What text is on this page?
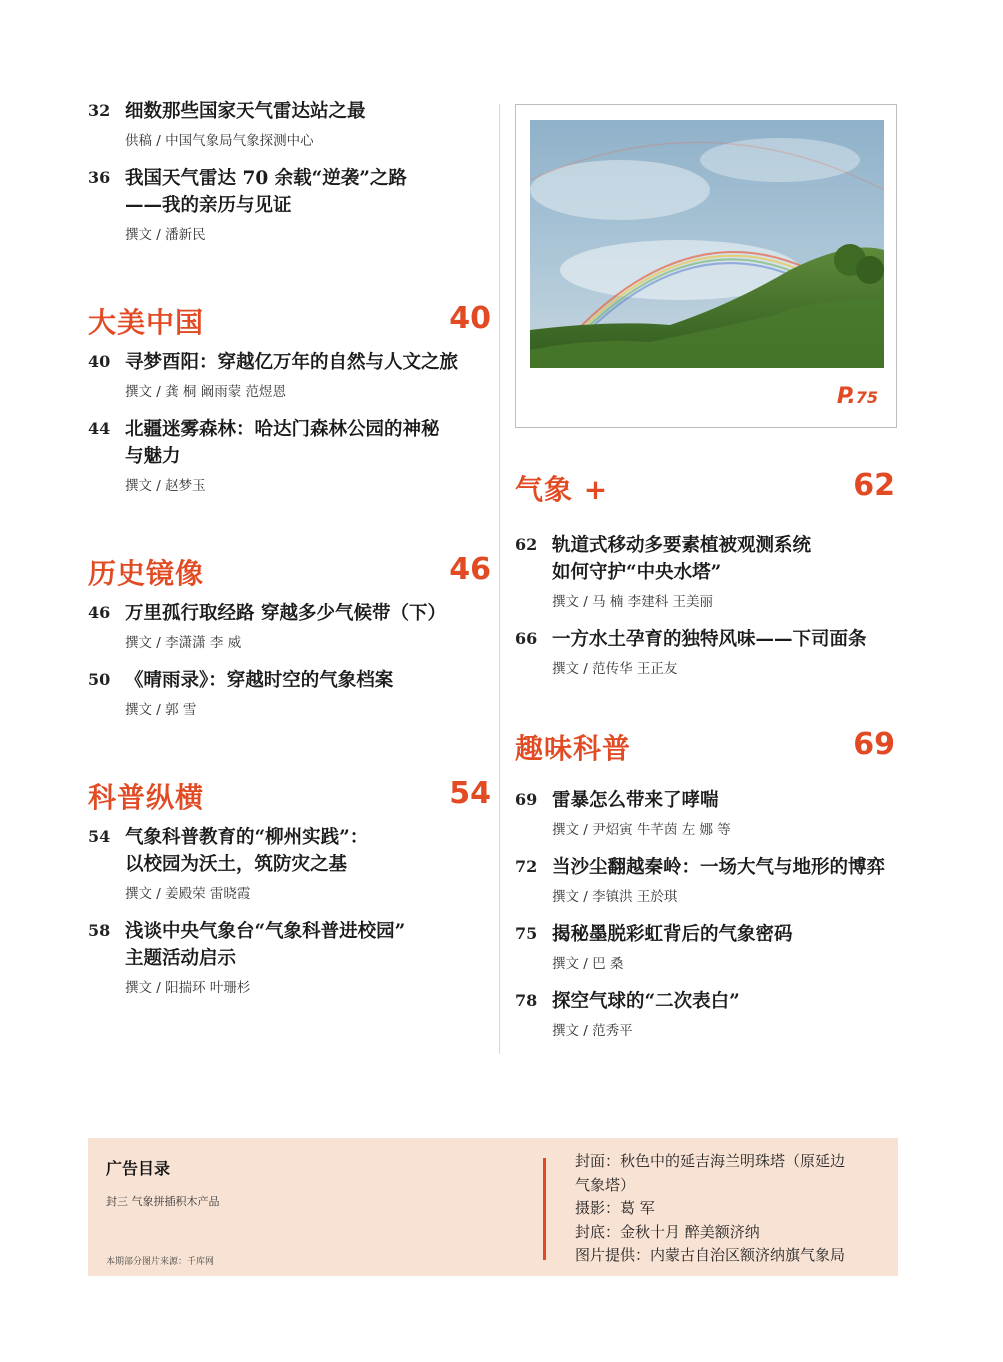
32 细数那些国家天气雷达站之最
供稿 / 中国气象局气象探测中心
36 我国天气雷达 70 余载“逆袭”之路
——我的亲历与见证
撰文 / 潘新民
大美中国	40
40 寻梦酉阳：穿越亿万年的自然与人文之旅
撰文 / 龚 桐 阚雨蒙 范煜恩
44 北疆迷雾森林：哈达门森林公园的神秘
与魅力
撰文 / 赵梦玉
历史镜像	46
46 万里孤行取经路 穿越多少气候带（下）
撰文 / 李潇潇 李 威
50 《晴雨录》：穿越时空的气象档案
撰文 / 郭 雪
科普纵横	54
54 气象科普教育的“柳州实践”：
以校园为沃土，筑防灾之基
撰文 / 姜殿荣 雷晓霞
58 浅谈中央气象台“气象科普进校园”
主题活动启示
撰文 / 阳揣环 叶珊杉
P.75
气象 +	62
62 轨道式移动多要素植被观测系统
如何守护“中央水塔”
撰文 / 马 楠 李建科 王美丽
66 一方水土孕育的独特风味——下司面条
撰文 / 范传华 王正友
趣味科普	69
69 雷暴怎么带来了哮喘
撰文 / 尹炤寅 牛芊茵 左 娜 等
72 当沙尘翻越秦岭：一场大气与地形的博弈
撰文 / 李镇洪 王於琪
75 揭秘墨脱彩虹背后的气象密码
撰文 / 巴 桑
78 探空气球的“二次表白”
撰文 / 范秀平
广告目录
封三 气象拼插积木产品
本期部分图片来源：千库网
封面：秋色中的延吉海兰明珠塔（原延边
气象塔）
摄影：葛 军
封底：金秋十月 醉美额济纳
图片提供：内蒙古自治区额济纳旗气象局
